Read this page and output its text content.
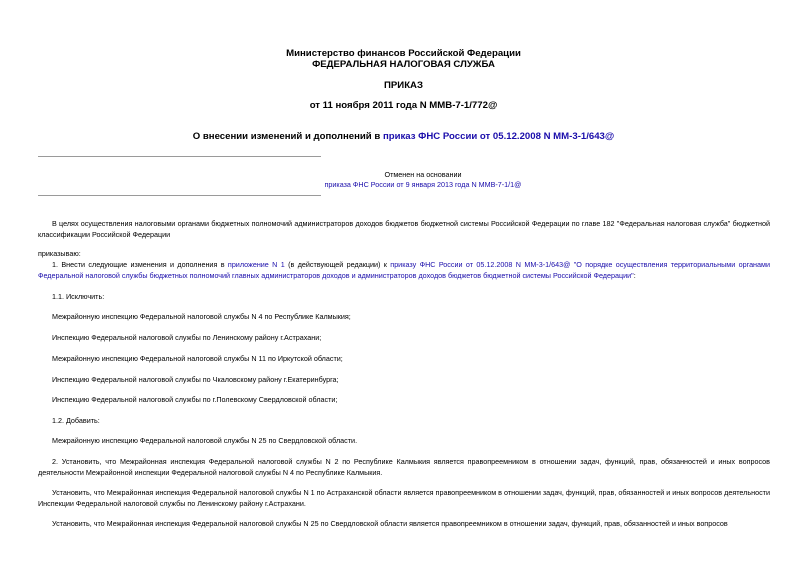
Министерство финансов Российской Федерации
ФЕДЕРАЛЬНАЯ НАЛОГОВАЯ СЛУЖБА
ПРИКАЗ
от 11 ноября 2011 года N ММВ-7-1/772@
О внесении изменений и дополнений в приказ ФНС России от 05.12.2008 N ММ-3-1/643@
Отменен на основании
приказа ФНС России от 9 января 2013 года N ММВ-7-1/1@

В целях осуществления налоговыми органами бюджетных полномочий администраторов доходов бюджетов бюджетной системы Российской Федерации по главе 182 "Федеральная налоговая служба" бюджетной классификации Российской Федерации

приказываю:

1. Внести следующие изменения и дополнения в приложение N 1 (в действующей редакции) к приказу ФНС России от 05.12.2008 N ММ-3-1/643@ "О порядке осуществления территориальными органами Федеральной налоговой службы бюджетных полномочий главных администраторов доходов и администраторов доходов бюджетов бюджетной системы Российской Федерации":

1.1. Исключить:

Межрайонную инспекцию Федеральной налоговой службы N 4 по Республике Калмыкия;

Инспекцию Федеральной налоговой службы по Ленинскому району г.Астрахани;

Межрайонную инспекцию Федеральной налоговой службы N 11 по Иркутской области;

Инспекцию Федеральной налоговой службы по Чкаловскому району г.Екатеринбурга;

Инспекцию Федеральной налоговой службы по г.Полевскому Свердловской области;

1.2. Добавить:

Межрайонную инспекцию Федеральной налоговой службы N 25 по Свердловской области.

2. Установить, что Межрайонная инспекция Федеральной налоговой службы N 2 по Республике Калмыкия является правопреемником в отношении задач, функций, прав, обязанностей и иных вопросов деятельности Межрайонной инспекции Федеральной налоговой службы N 4 по Республике Калмыкия.

Установить, что Межрайонная инспекция Федеральной налоговой службы N 1 по Астраханской области является правопреемником в отношении задач, функций, прав, обязанностей и иных вопросов деятельности Инспекции Федеральной налоговой службы по Ленинскому району г.Астрахани.

Установить, что Межрайонная инспекция Федеральной налоговой службы N 25 по Свердловской области является правопреемником в отношении задач, функций, прав, обязанностей и иных вопросов
